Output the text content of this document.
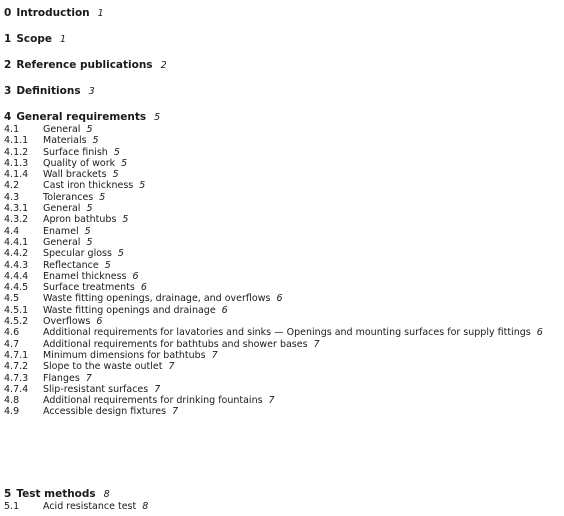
0 Introduction 1
1 Scope 1
2 Reference publications 2
3 Definitions 3
4 General requirements 5
4.1	General 5
4.1.1	Materials 5
4.1.2	Surface finish 5
4.1.3	Quality of work 5
4.1.4	Wall brackets 5
4.2	Cast iron thickness 5
4.3	Tolerances 5
4.3.1	General 5
4.3.2	Apron bathtubs 5
4.4	Enamel 5
4.4.1	General 5
4.4.2	Specular gloss 5
4.4.3	Reflectance 5
4.4.4	Enamel thickness 6
4.4.5	Surface treatments 6
4.5	Waste fitting openings, drainage, and overflows 6
4.5.1	Waste fitting openings and drainage 6
4.5.2	Overflows 6
4.6	Additional requirements for lavatories and sinks — Openings and mounting surfaces for supply fittings 6
4.7	Additional requirements for bathtubs and shower bases 7
4.7.1	Minimum dimensions for bathtubs 7
4.7.2	Slope to the waste outlet 7
4.7.3	Flanges 7
4.7.4	Slip-resistant surfaces 7
4.8	Additional requirements for drinking fountains 7
4.9	Accessible design fixtures 7
5 Test methods 8
5.1	Acid resistance test 8
